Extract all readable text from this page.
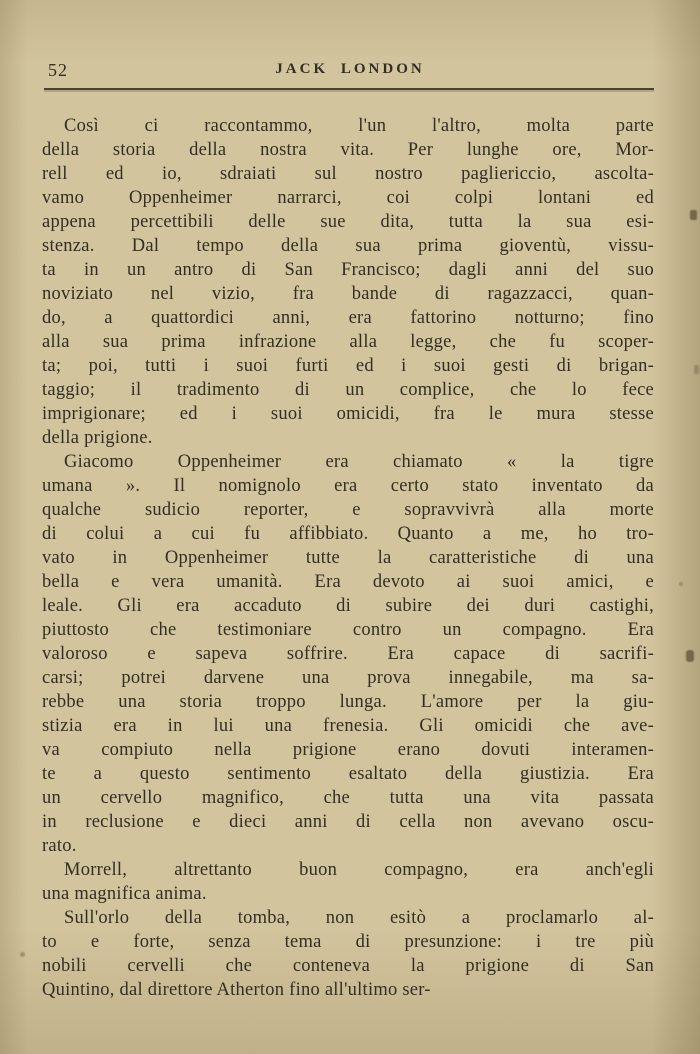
52	JACK LONDON

Così ci raccontammo, l'un l'altro, molta parte
della storia della nostra vita. Per lunghe ore, Mor-
rell ed io, sdraiati sul nostro pagliericcio, ascolta-
vamo Oppenheimer narrarci, coi colpi lontani ed
appena percettibili delle sue dita, tutta la sua esi-
stenza. Dal tempo della sua prima gioventù, vissu-
ta in un antro di San Francisco; dagli anni del suo
noviziato nel vizio, fra bande di ragazzacci, quan-
do, a quattordici anni, era fattorino notturno; fino
alla sua prima infrazione alla legge, che fu scoper-
ta; poi, tutti i suoi furti ed i suoi gesti di brigan-
taggio; il tradimento di un complice, che lo fece
imprigionare; ed i suoi omicidi, fra le mura stesse
della prigione.

Giacomo Oppenheimer era chiamato « la tigre
umana ». Il nomignolo era certo stato inventato da
qualche sudicio reporter, e sopravvivrà alla morte
di colui a cui fu affibbiato. Quanto a me, ho tro-
vato in Oppenheimer tutte la caratteristiche di una
bella e vera umanità. Era devoto ai suoi amici, e
leale. Gli era accaduto di subire dei duri castighi,
piuttosto che testimoniare contro un compagno. Era
valoroso e sapeva soffrire. Era capace di sacrifi-
carsi; potrei darvene una prova innegabile, ma sa-
rebbe una storia troppo lunga. L'amore per la giu-
stizia era in lui una frenesia. Gli omicidi che ave-
va compiuto nella prigione erano dovuti interamen-
te a questo sentimento esaltato della giustizia. Era
un cervello magnifico, che tutta una vita passata
in reclusione e dieci anni di cella non avevano oscu-
rato.

Morrell, altrettanto buon compagno, era anch'egli
una magnifica anima.

Sull'orlo della tomba, non esitò a proclamarlo al-
to e forte, senza tema di presunzione: i tre più
nobili cervelli che conteneva la prigione di San
Quintino, dal direttore Atherton fino all'ultimo ser-
